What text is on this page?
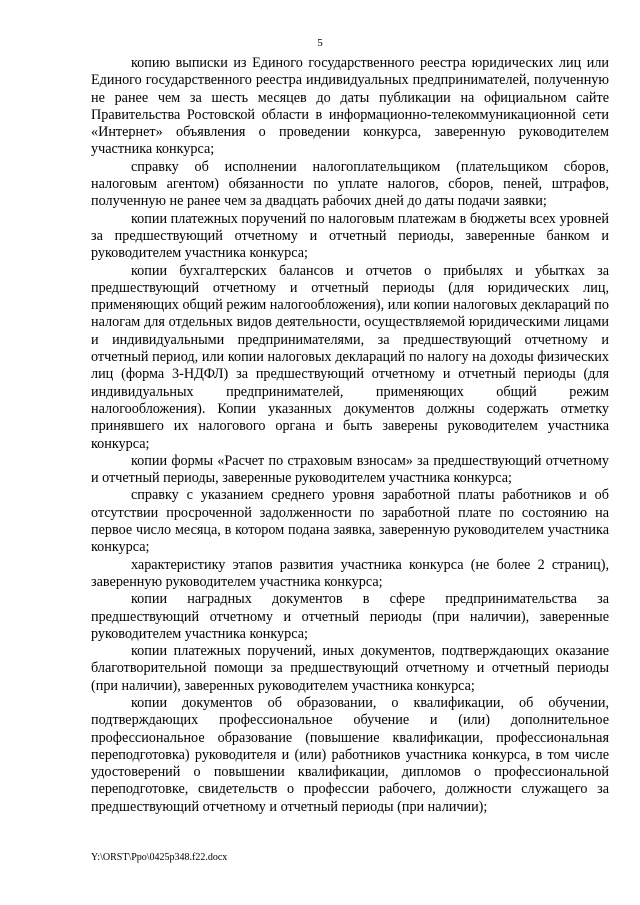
5

копию выписки из Единого государственного реестра юридических лиц или Единого государственного реестра индивидуальных предпринимателей, полученную не ранее чем за шесть месяцев до даты публикации на официальном сайте Правительства Ростовской области в информационно-телекоммуникационной сети «Интернет» объявления о проведении конкурса, заверенную руководителем участника конкурса;

справку об исполнении налогоплательщиком (плательщиком сборов, налоговым агентом) обязанности по уплате налогов, сборов, пеней, штрафов, полученную не ранее чем за двадцать рабочих дней до даты подачи заявки;

копии платежных поручений по налоговым платежам в бюджеты всех уровней за предшествующий отчетному и отчетный периоды, заверенные банком и руководителем участника конкурса;

копии бухгалтерских балансов и отчетов о прибылях и убытках за предшествующий отчетному и отчетный периоды (для юридических лиц, применяющих общий режим налогообложения), или копии налоговых деклараций по налогам для отдельных видов деятельности, осуществляемой юридическими лицами и индивидуальными предпринимателями, за предшествующий отчетному и отчетный период, или копии налоговых деклараций по налогу на доходы физических лиц (форма 3-НДФЛ) за предшествующий отчетному и отчетный периоды (для индивидуальных предпринимателей, применяющих общий режим налогообложения). Копии указанных документов должны содержать отметку принявшего их налогового органа и быть заверены руководителем участника конкурса;

копии формы «Расчет по страховым взносам» за предшествующий отчетному и отчетный периоды, заверенные руководителем участника конкурса;

справку с указанием среднего уровня заработной платы работников и об отсутствии просроченной задолженности по заработной плате по состоянию на первое число месяца, в котором подана заявка, заверенную руководителем участника конкурса;

характеристику этапов развития участника конкурса (не более 2 страниц), заверенную руководителем участника конкурса;

копии наградных документов в сфере предпринимательства за предшествующий отчетному и отчетный периоды (при наличии), заверенные руководителем участника конкурса;

копии платежных поручений, иных документов, подтверждающих оказание благотворительной помощи за предшествующий отчетному и отчетный периоды (при наличии), заверенных руководителем участника конкурса;

копии документов об образовании, о квалификации, об обучении, подтверждающих профессиональное обучение и (или) дополнительное профессиональное образование (повышение квалификации, профессиональная переподготовка) руководителя и (или) работников участника конкурса, в том числе удостоверений о повышении квалификации, дипломов о профессиональной переподготовке, свидетельств о профессии рабочего, должности служащего за предшествующий отчетному и отчетный периоды (при наличии);

Y:\ORST\Ppo\0425p348.f22.docx
